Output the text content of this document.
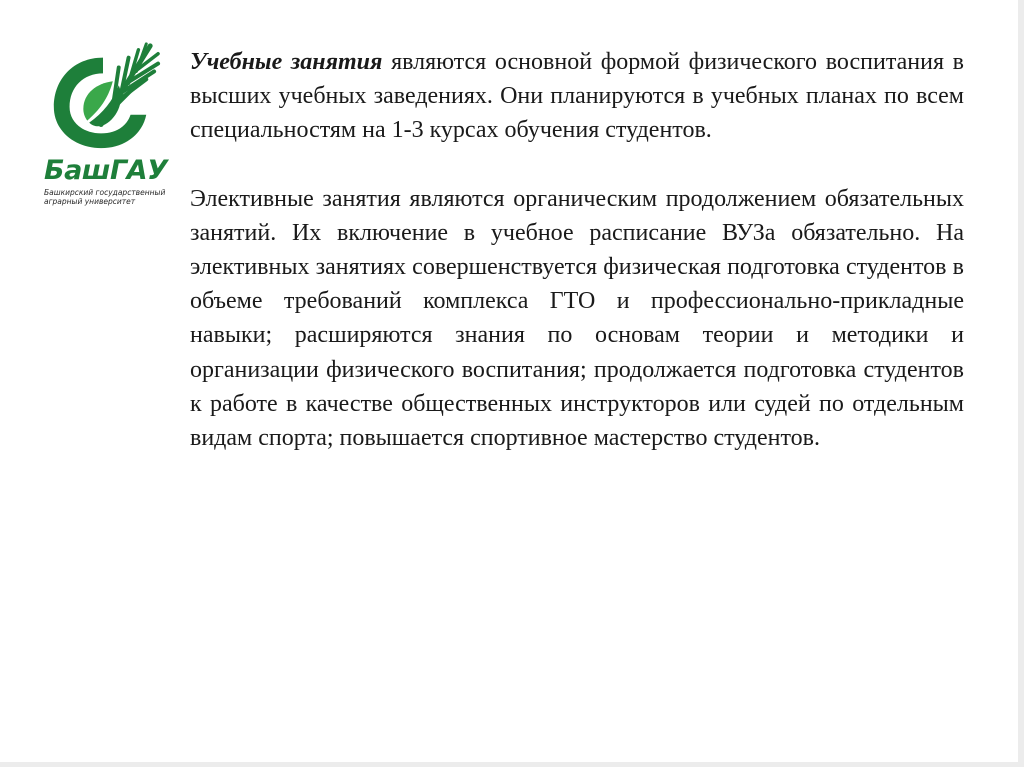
БашГАУ
Башкирский государственный
аграрный университет

Учебные занятия являются основной формой физического воспитания в высших учебных заведениях. Они планируются в учебных планах по всем специальностям на 1-3 курсах обучения студентов.

Элективные занятия являются органическим продолжением обязательных занятий. Их включение в учебное расписание ВУЗа обязательно. На элективных занятиях совершенствуется физическая подготовка студентов в объеме требований комплекса ГТО и профессионально-прикладные навыки; расширяются знания по основам теории и методики и организации физического воспитания; продолжается подготовка студентов к работе в качестве общественных инструкторов или судей по отдельным видам спорта; повышается спортивное мастерство студентов.
